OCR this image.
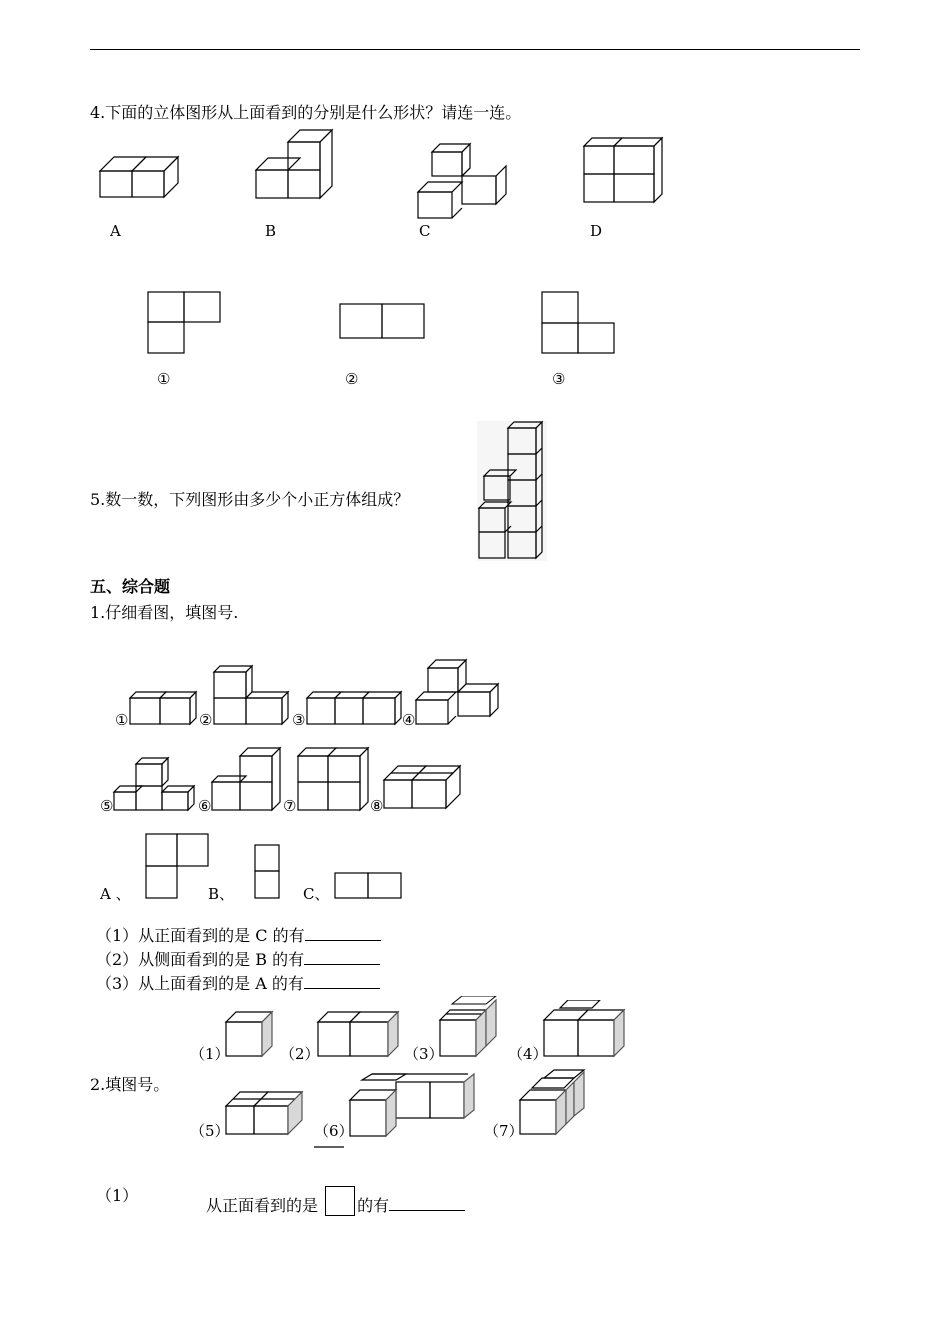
4.下面的立体图形从上面看到的分别是什么形状？请连一连。
A	B	C	D
①	②	③
5.数一数，下列图形由多少个小正方体组成？
五、综合题
1.仔细看图，填图号.
①	②	③	④
⑤	⑥	⑦	⑧
A 、	B、	C、
（1）从正面看到的是 C 的有
（2）从侧面看到的是 B 的有
（3）从上面看到的是 A 的有
（1）	（2）	（3）	（4）
2.填图号。
（5）	（6）	（7）
（1）
从正面看到的是 的有
